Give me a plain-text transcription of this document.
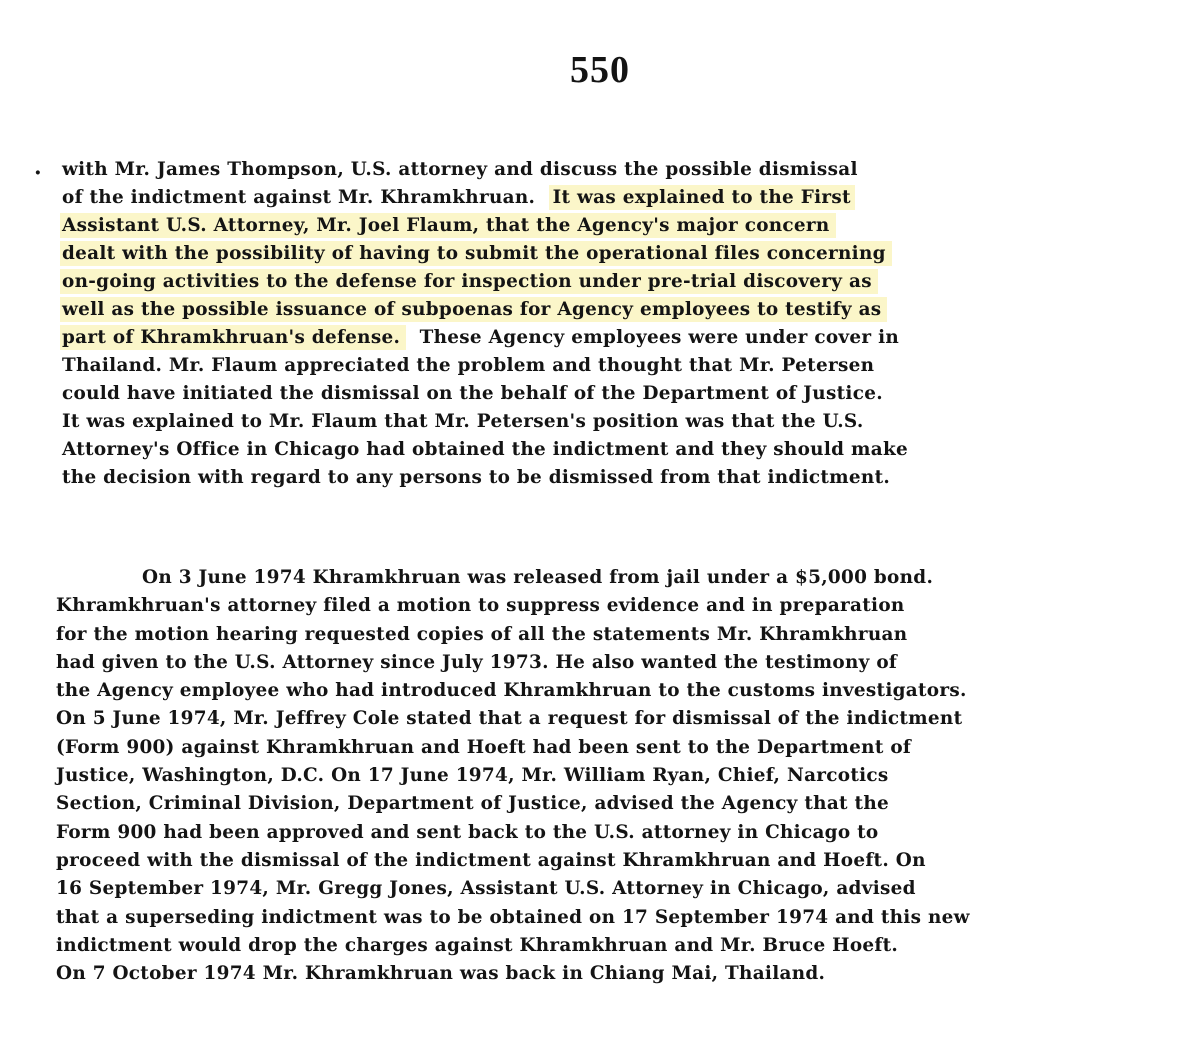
550
· with Mr. James Thompson, U.S. attorney and discuss the possible dismissal
of the indictment against Mr. Khramkhruan. It was explained to the First
Assistant U.S. Attorney, Mr. Joel Flaum, that the Agency's major concern
dealt with the possibility of having to submit the operational files concerning
on-going activities to the defense for inspection under pre-trial discovery as
well as the possible issuance of subpoenas for Agency employees to testify as
part of Khramkhruan's defense. These Agency employees were under cover in
Thailand. Mr. Flaum appreciated the problem and thought that Mr. Petersen
could have initiated the dismissal on the behalf of the Department of Justice.
It was explained to Mr. Flaum that Mr. Petersen's position was that the U.S.
Attorney's Office in Chicago had obtained the indictment and they should make
the decision with regard to any persons to be dismissed from that indictment.
On 3 June 1974 Khramkhruan was released from jail under a $5,000 bond.
Khramkhruan's attorney filed a motion to suppress evidence and in preparation
for the motion hearing requested copies of all the statements Mr. Khramkhruan
had given to the U.S. Attorney since July 1973. He also wanted the testimony of
the Agency employee who had introduced Khramkhruan to the customs investigators.
On 5 June 1974, Mr. Jeffrey Cole stated that a request for dismissal of the indictment
(Form 900) against Khramkhruan and Hoeft had been sent to the Department of
Justice, Washington, D.C. On 17 June 1974, Mr. William Ryan, Chief, Narcotics
Section, Criminal Division, Department of Justice, advised the Agency that the
Form 900 had been approved and sent back to the U.S. attorney in Chicago to
proceed with the dismissal of the indictment against Khramkhruan and Hoeft. On
16 September 1974, Mr. Gregg Jones, Assistant U.S. Attorney in Chicago, advised
that a superseding indictment was to be obtained on 17 September 1974 and this new
indictment would drop the charges against Khramkhruan and Mr. Bruce Hoeft.
On 7 October 1974 Mr. Khramkhruan was back in Chiang Mai, Thailand.
